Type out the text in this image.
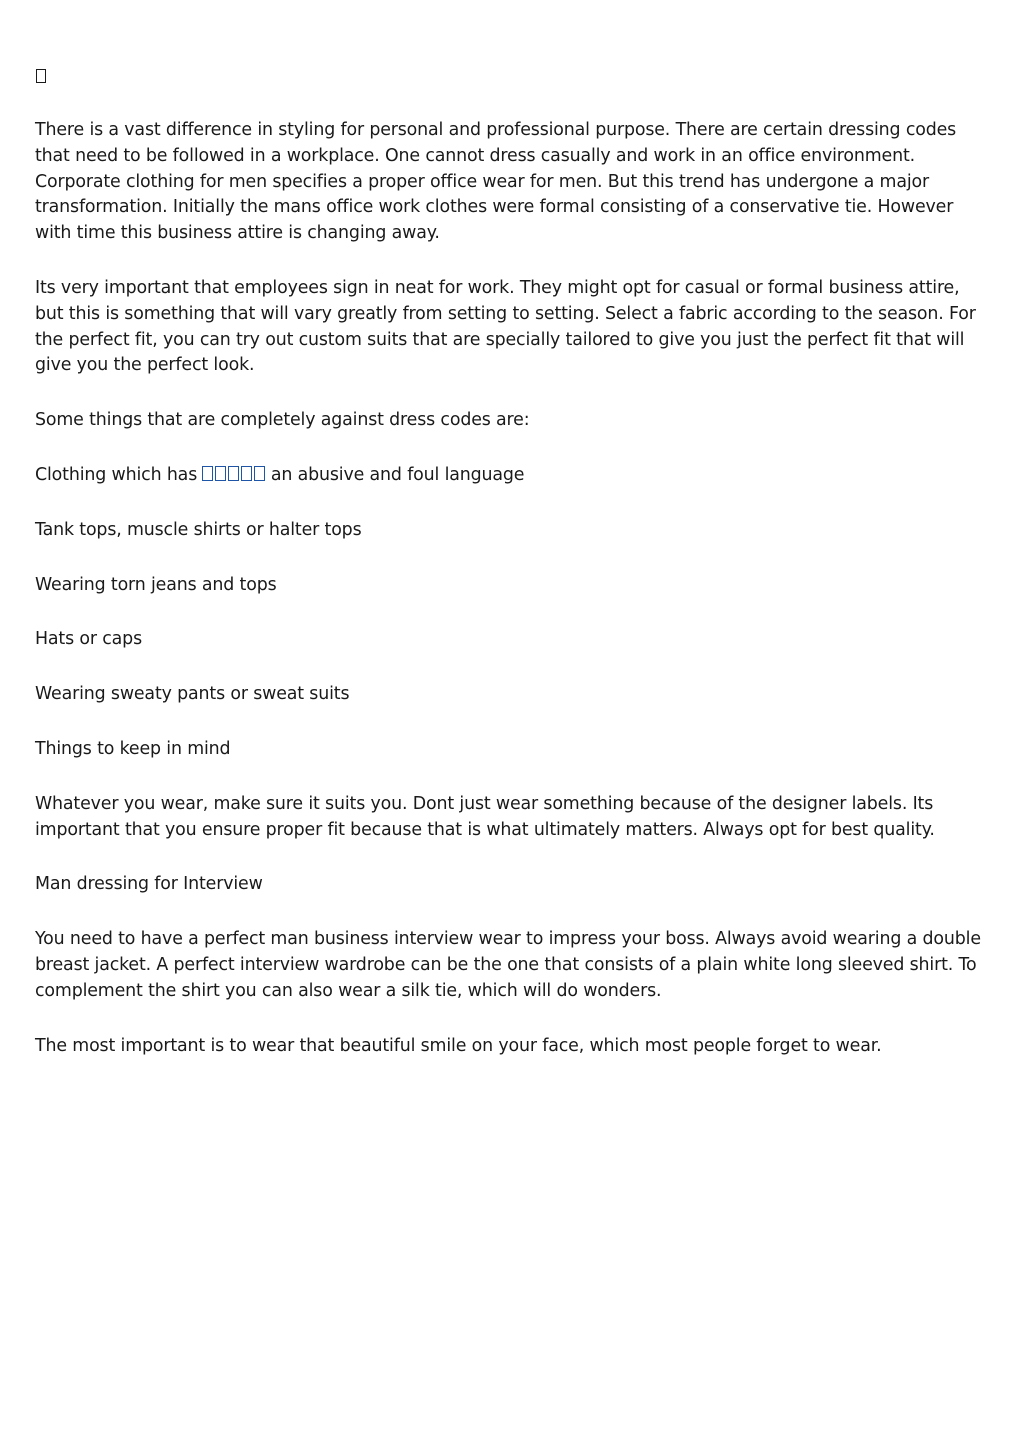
There is a vast difference in styling for personal and professional purpose. There are certain dressing codes that need to be followed in a workplace. One cannot dress casually and work in an office environment. Corporate clothing for men specifies a proper office wear for men. But this trend has undergone a major transformation. Initially the mans office work clothes were formal consisting of a conservative tie. However with time this business attire is changing away.

Its very important that employees sign in neat for work. They might opt for casual or formal business attire, but this is something that will vary greatly from setting to setting. Select a fabric according to the season. For the perfect fit, you can try out custom suits that are specially tailored to give you just the perfect fit that will give you the perfect look.

Some things that are completely against dress codes are:

Clothing which has	an abusive and foul language

Tank tops, muscle shirts or halter tops

Wearing torn jeans and tops

Hats or caps

Wearing sweaty pants or sweat suits

Things to keep in mind

Whatever you wear, make sure it suits you. Dont just wear something because of the designer labels. Its important that you ensure proper fit because that is what ultimately matters. Always opt for best quality.

Man dressing for Interview

You need to have a perfect man business interview wear to impress your boss. Always avoid wearing a double breast jacket. A perfect interview wardrobe can be the one that consists of a plain white long sleeved shirt. To complement the shirt you can also wear a silk tie, which will do wonders.

The most important is to wear that beautiful smile on your face, which most people forget to wear.
